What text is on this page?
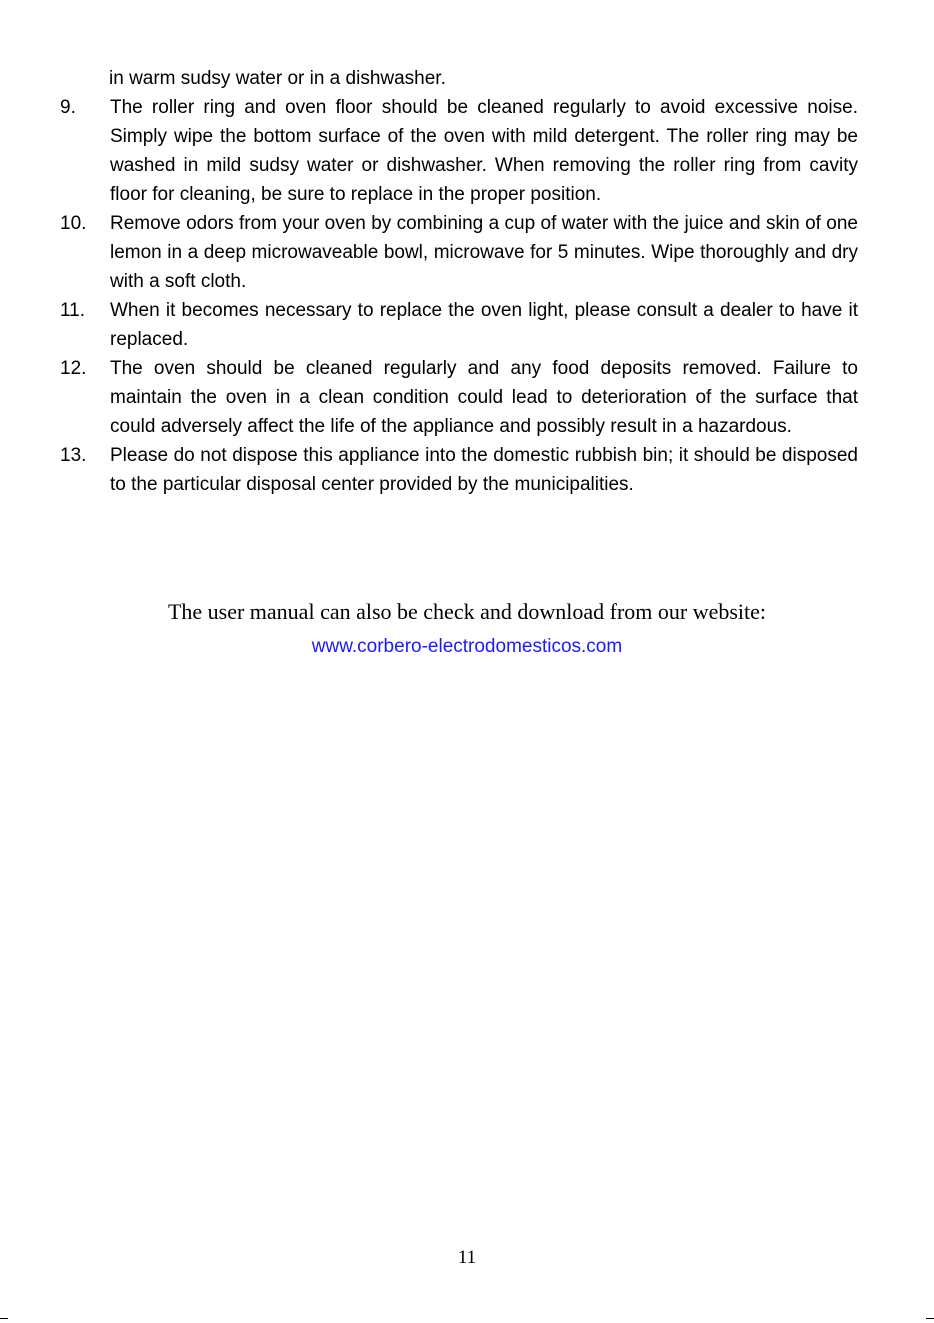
in warm sudsy water or in a dishwasher.

9. The roller ring and oven floor should be cleaned regularly to avoid excessive noise. Simply wipe the bottom surface of the oven with mild detergent. The roller ring may be washed in mild sudsy water or dishwasher. When removing the roller ring from cavity floor for cleaning, be sure to replace in the proper position.
10. Remove odors from your oven by combining a cup of water with the juice and skin of one lemon in a deep microwaveable bowl, microwave for 5 minutes. Wipe thoroughly and dry with a soft cloth.
11. When it becomes necessary to replace the oven light, please consult a dealer to have it replaced.
12. The oven should be cleaned regularly and any food deposits removed. Failure to maintain the oven in a clean condition could lead to deterioration of the surface that could adversely affect the life of the appliance and possibly result in a hazardous.
13. Please do not dispose this appliance into the domestic rubbish bin; it should be disposed to the particular disposal center provided by the municipalities.
The user manual can also be check and download from our website:
www.corbero-electrodomesticos.com
11
